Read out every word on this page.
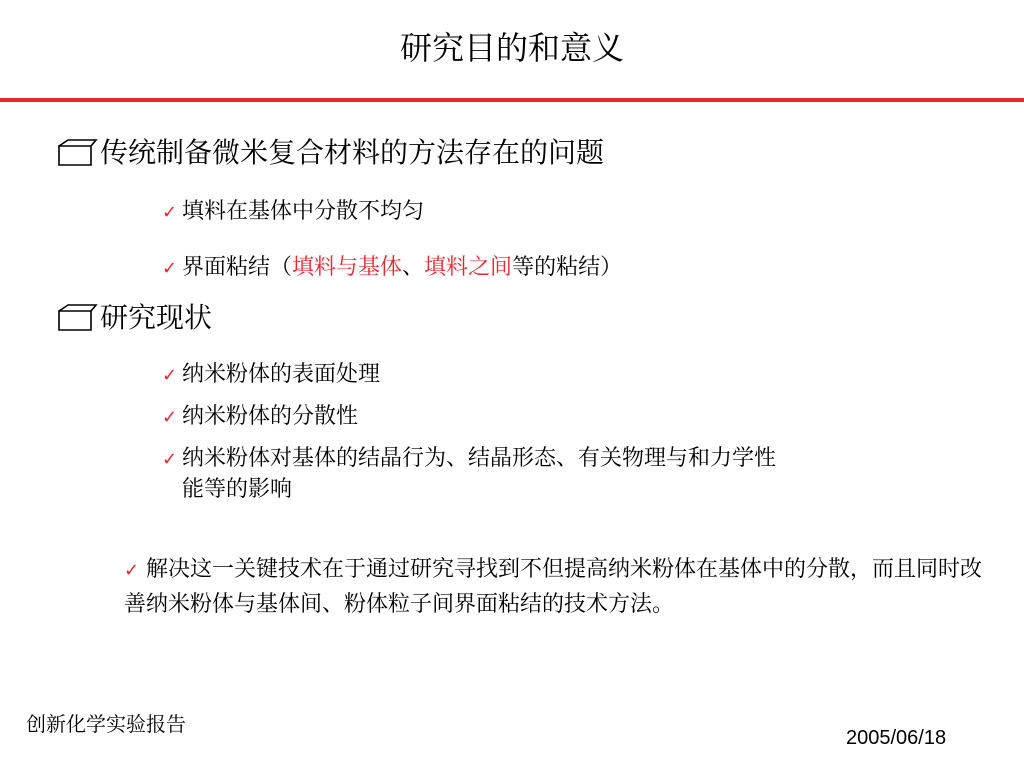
研究目的和意义
传统制备微米复合材料的方法存在的问题
✓ 填料在基体中分散不均匀
✓ 界面粘结（填料与基体、填料之间等的粘结）
研究现状
✓ 纳米粉体的表面处理
✓ 纳米粉体的分散性
✓ 纳米粉体对基体的结晶行为、结晶形态、有关物理与和力学性
能等的影响
✓ 解决这一关键技术在于通过研究寻找到不但提高纳米粉体在基体中的分散，而且同时改善纳米粉体与基体间、粉体粒子间界面粘结的技术方法。
创新化学实验报告
2005/06/18
